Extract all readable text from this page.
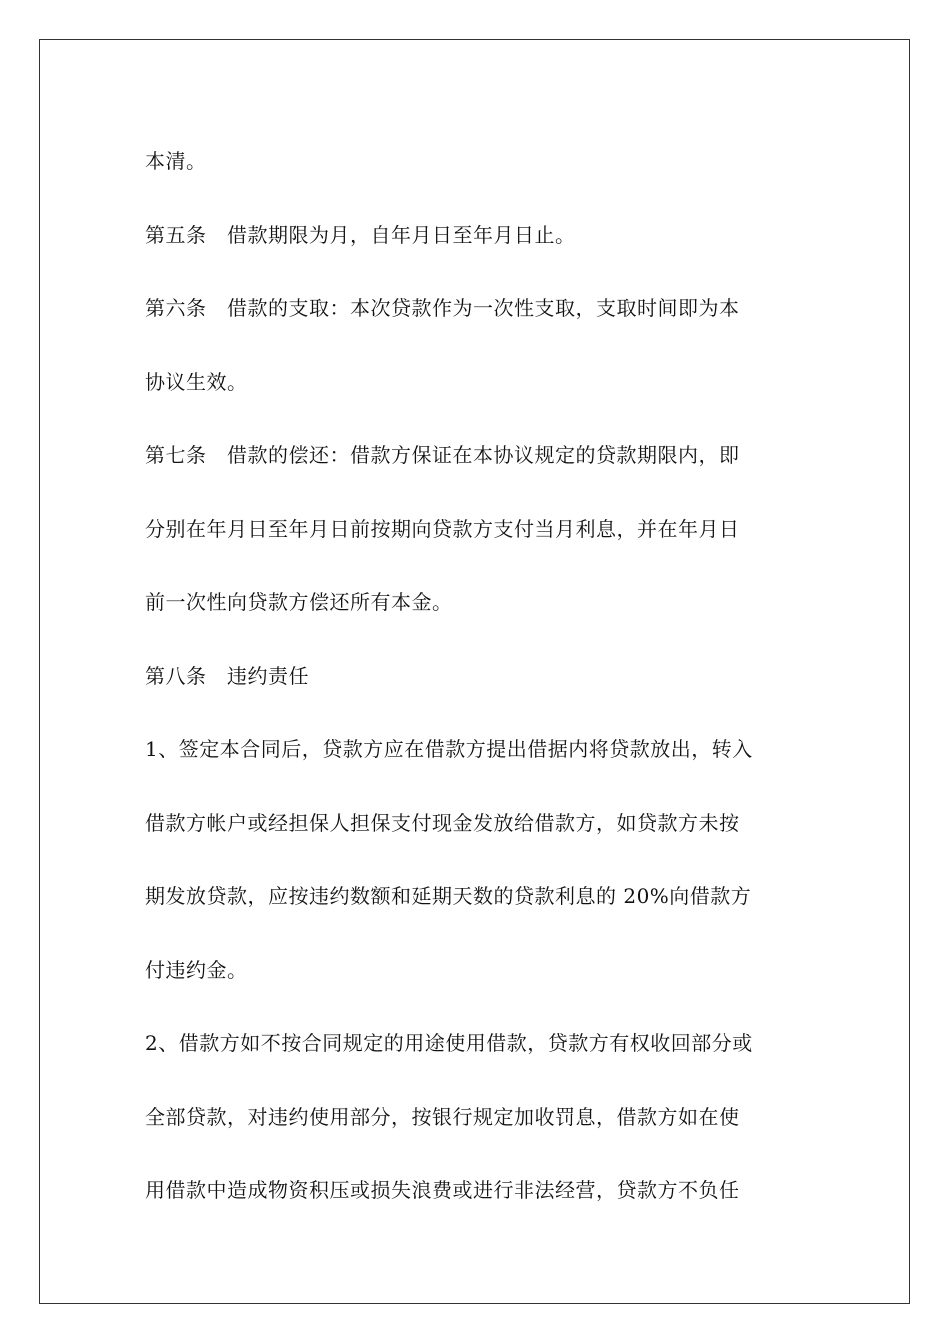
本清。
第五条　借款期限为月，自年月日至年月日止。
第六条　借款的支取：本次贷款作为一次性支取，支取时间即为本
协议生效。
第七条　借款的偿还：借款方保证在本协议规定的贷款期限内，即
分别在年月日至年月日前按期向贷款方支付当月利息，并在年月日
前一次性向贷款方偿还所有本金。
第八条　违约责任
1、签定本合同后，贷款方应在借款方提出借据内将贷款放出，转入
借款方帐户或经担保人担保支付现金发放给借款方，如贷款方未按
期发放贷款，应按违约数额和延期天数的贷款利息的 20%向借款方
付违约金。
2、借款方如不按合同规定的用途使用借款，贷款方有权收回部分或
全部贷款，对违约使用部分，按银行规定加收罚息，借款方如在使
用借款中造成物资积压或损失浪费或进行非法经营，贷款方不负任
